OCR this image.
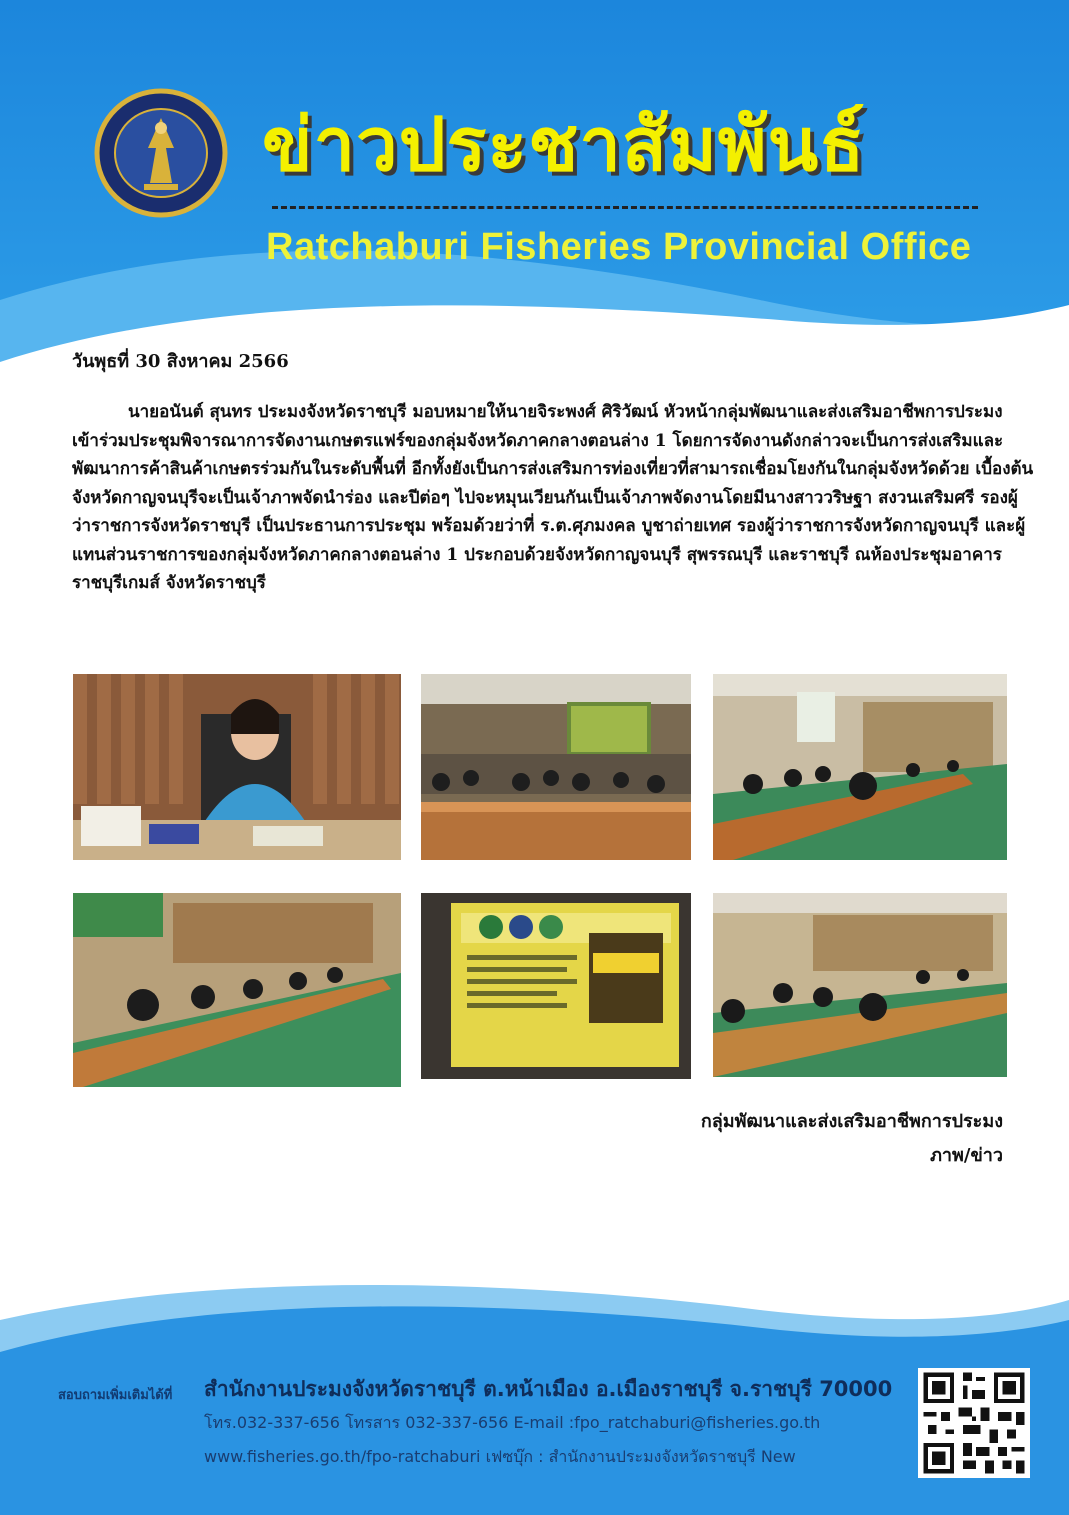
ข่าวประชาสัมพันธ์
Ratchaburi Fisheries Provincial Office
วันพุธที่ 30 สิงหาคม 2566

นายอนันต์ สุนทร ประมงจังหวัดราชบุรี มอบหมายให้นายจิระพงศ์ ศิริวัฒน์ หัวหน้ากลุ่มพัฒนาและส่งเสริมอาชีพการประมง เข้าร่วมประชุมพิจารณาการจัดงานเกษตรแฟร์ของกลุ่มจังหวัดภาคกลางตอนล่าง 1 โดยการจัดงานดังกล่าวจะเป็นการส่งเสริมและพัฒนาการค้าสินค้าเกษตรร่วมกันในระดับพื้นที่ อีกทั้งยังเป็นการส่งเสริมการท่องเที่ยวที่สามารถเชื่อมโยงกันในกลุ่มจังหวัดด้วย เบื้องต้นจังหวัดกาญจนบุรีจะเป็นเจ้าภาพจัดนำร่อง และปีต่อๆ ไปจะหมุนเวียนกันเป็นเจ้าภาพจัดงานโดยมีนางสาววริษฐา สงวนเสริมศรี รองผู้ว่าราชการจังหวัดราชบุรี เป็นประธานการประชุม พร้อมด้วยว่าที่ ร.ต.ศุภมงคล บูชาถ่ายเทศ รองผู้ว่าราชการจังหวัดกาญจนบุรี และผู้แทนส่วนราชการของกลุ่มจังหวัดภาคกลางตอนล่าง 1 ประกอบด้วยจังหวัดกาญจนบุรี สุพรรณบุรี และราชบุรี ณห้องประชุมอาคารราชบุรีเกมส์ จังหวัดราชบุรี

กลุ่มพัฒนาและส่งเสริมอาชีพการประมง
ภาพ/ข่าว
สอบถามเพิ่มเติมได้ที่ สำนักงานประมงจังหวัดราชบุรี ต.หน้าเมือง อ.เมืองราชบุรี จ.ราชบุรี 70000
โทร.032-337-656 โทรสาร 032-337-656 E-mail :fpo_ratchaburi@fisheries.go.th
www.fisheries.go.th/fpo-ratchaburi เฟซบุ๊ก : สำนักงานประมงจังหวัดราชบุรี New
